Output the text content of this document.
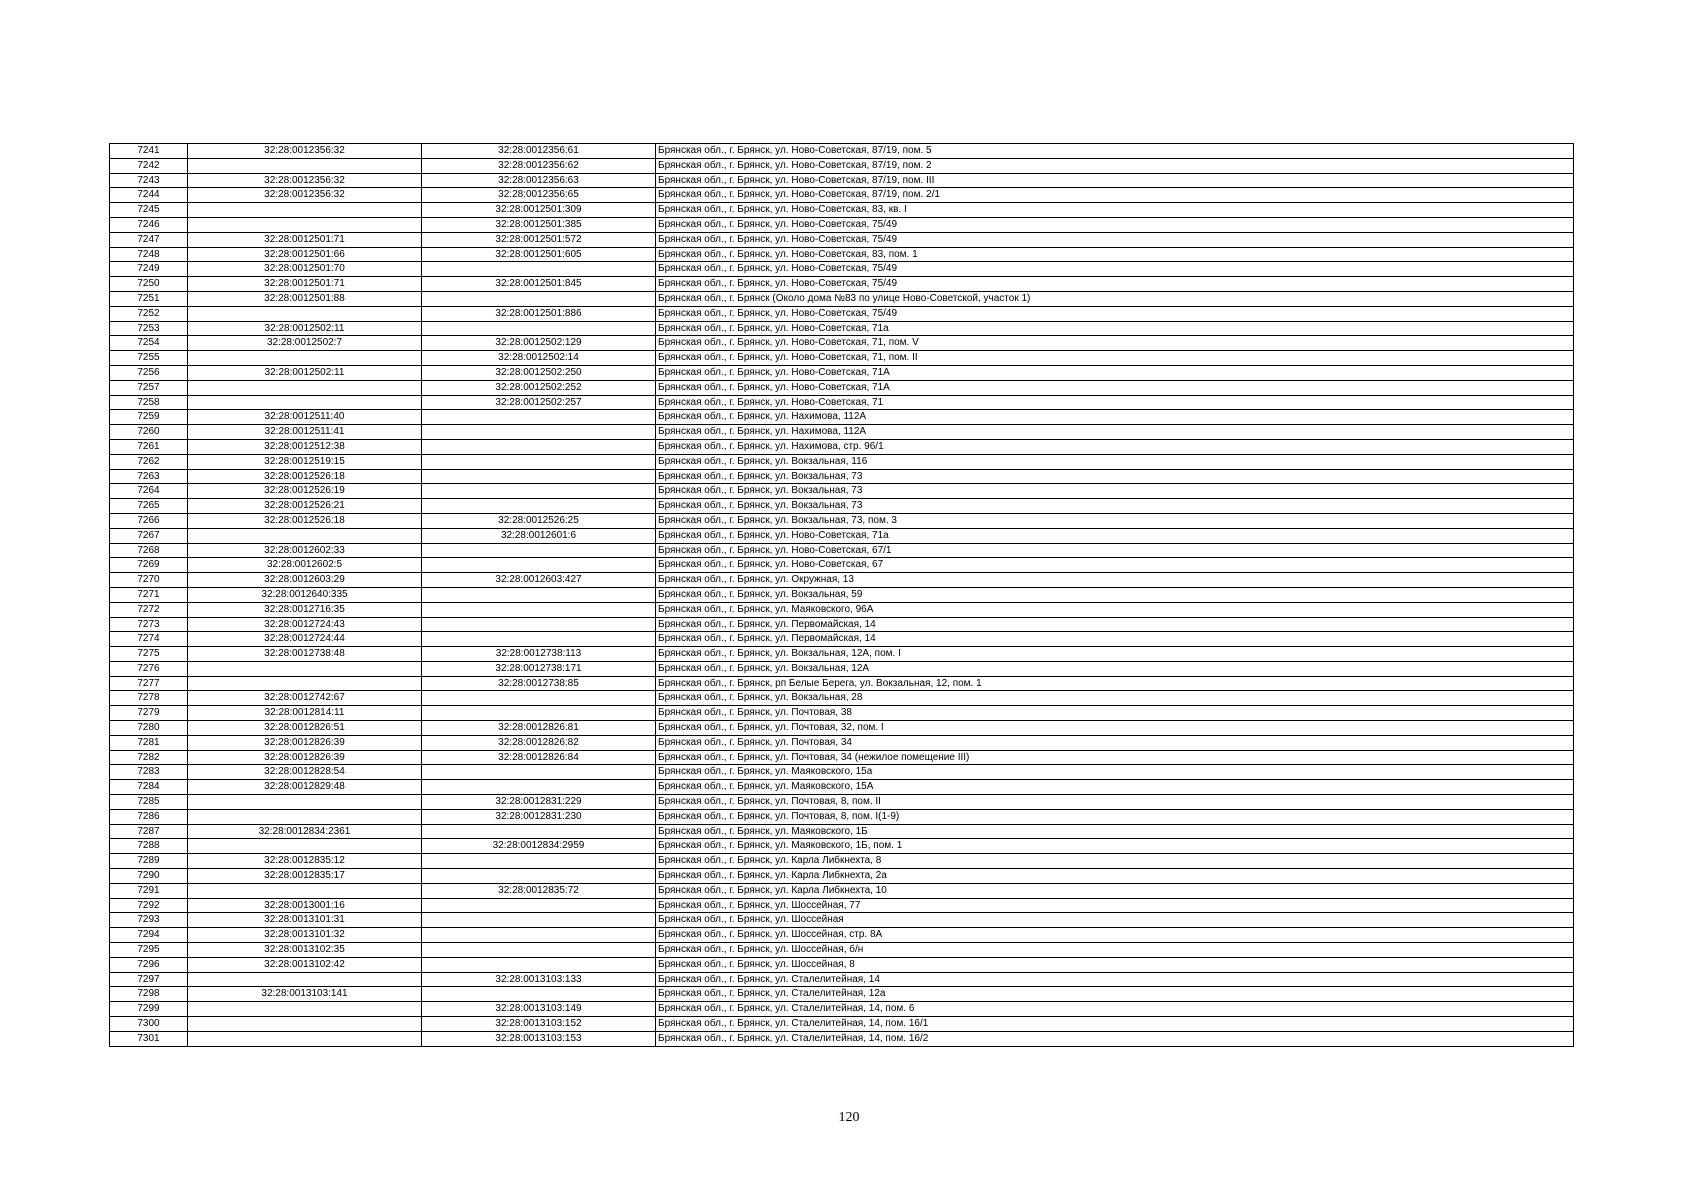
7241	32:28:0012356:32	32:28:0012356:61	Брянская обл., г. Брянск, ул. Ново-Советская, 87/19, пом. 5
7242		32:28:0012356:62	Брянская обл., г. Брянск, ул. Ново-Советская, 87/19, пом. 2
7243	32:28:0012356:32	32:28:0012356:63	Брянская обл., г. Брянск, ул. Ново-Советская, 87/19, пом. III
7244	32:28:0012356:32	32:28:0012356:65	Брянская обл., г. Брянск, ул. Ново-Советская, 87/19, пом. 2/1
7245		32:28:0012501:309	Брянская обл., г. Брянск, ул. Ново-Советская, 83, кв. I
7246		32:28:0012501:385	Брянская обл., г. Брянск, ул. Ново-Советская, 75/49
7247	32:28:0012501:71	32:28:0012501:572	Брянская обл., г. Брянск, ул. Ново-Советская, 75/49
7248	32:28:0012501:66	32:28:0012501:605	Брянская обл., г. Брянск, ул. Ново-Советская, 83, пом. 1
7249	32:28:0012501:70		Брянская обл., г. Брянск, ул. Ново-Советская, 75/49
7250	32:28:0012501:71	32:28:0012501:845	Брянская обл., г. Брянск, ул. Ново-Советская, 75/49
7251	32:28:0012501:88		Брянская обл., г. Брянск (Около дома №83 по улице Ново-Советской, участок 1)
7252		32:28:0012501:886	Брянская обл., г. Брянск, ул. Ново-Советская, 75/49
7253	32:28:0012502:11		Брянская обл., г. Брянск, ул. Ново-Советская, 71а
7254	32:28:0012502:7	32:28:0012502:129	Брянская обл., г. Брянск, ул. Ново-Советская, 71, пом. V
7255		32:28:0012502:14	Брянская обл., г. Брянск, ул. Ново-Советская, 71, пом. II
7256	32:28:0012502:11	32:28:0012502:250	Брянская обл., г. Брянск, ул. Ново-Советская, 71А
7257		32:28:0012502:252	Брянская обл., г. Брянск, ул. Ново-Советская, 71А
7258		32:28:0012502:257	Брянская обл., г. Брянск, ул. Ново-Советская, 71
7259	32:28:0012511:40		Брянская обл., г. Брянск, ул. Нахимова, 112А
7260	32:28:0012511:41		Брянская обл., г. Брянск, ул. Нахимова, 112А
7261	32:28:0012512:38		Брянская обл., г. Брянск, ул. Нахимова, стр. 96/1
7262	32:28:0012519:15		Брянская обл., г. Брянск, ул. Вокзальная, 116
7263	32:28:0012526:18		Брянская обл., г. Брянск, ул. Вокзальная, 73
7264	32:28:0012526:19		Брянская обл., г. Брянск, ул. Вокзальная, 73
7265	32:28:0012526:21		Брянская обл., г. Брянск, ул. Вокзальная, 73
7266	32:28:0012526:18	32:28:0012526:25	Брянская обл., г. Брянск, ул. Вокзальная, 73, пом. 3
7267		32:28:0012601:6	Брянская обл., г. Брянск, ул. Ново-Советская, 71а
7268	32:28:0012602:33		Брянская обл., г. Брянск, ул. Ново-Советская, 67/1
7269	32:28:0012602:5		Брянская обл., г. Брянск, ул. Ново-Советская, 67
7270	32:28:0012603:29	32:28:0012603:427	Брянская обл., г. Брянск, ул. Окружная, 13
7271	32:28:0012640:335		Брянская обл., г. Брянск, ул. Вокзальная, 59
7272	32:28:0012716:35		Брянская обл., г. Брянск, ул. Маяковского, 96А
7273	32:28:0012724:43		Брянская обл., г. Брянск, ул. Первомайская, 14
7274	32:28:0012724:44		Брянская обл., г. Брянск, ул. Первомайская, 14
7275	32:28:0012738:48	32:28:0012738:113	Брянская обл., г. Брянск, ул. Вокзальная, 12А, пом. I
7276		32:28:0012738:171	Брянская обл., г. Брянск, ул. Вокзальная, 12А
7277		32:28:0012738:85	Брянская обл., г. Брянск, рп Белые Берега, ул. Вокзальная, 12, пом. 1
7278	32:28:0012742:67		Брянская обл., г. Брянск, ул. Вокзальная, 28
7279	32:28:0012814:11		Брянская обл., г. Брянск, ул. Почтовая, 38
7280	32:28:0012826:51	32:28:0012826:81	Брянская обл., г. Брянск, ул. Почтовая, 32, пом. I
7281	32:28:0012826:39	32:28:0012826:82	Брянская обл., г. Брянск, ул. Почтовая, 34
7282	32:28:0012826:39	32:28:0012826:84	Брянская обл., г. Брянск, ул. Почтовая, 34 (нежилое помещение III)
7283	32:28:0012828:54		Брянская обл., г. Брянск, ул. Маяковского, 15а
7284	32:28:0012829:48		Брянская обл., г. Брянск, ул. Маяковского, 15А
7285		32:28:0012831:229	Брянская обл., г. Брянск, ул. Почтовая, 8, пом. II
7286		32:28:0012831:230	Брянская обл., г. Брянск, ул. Почтовая, 8, пом. I(1-9)
7287	32:28:0012834:2361		Брянская обл., г. Брянск, ул. Маяковского, 1Б
7288		32:28:0012834:2959	Брянская обл., г. Брянск, ул. Маяковского, 1Б, пом. 1
7289	32:28:0012835:12		Брянская обл., г. Брянск, ул. Карла Либкнехта, 8
7290	32:28:0012835:17		Брянская обл., г. Брянск, ул. Карла Либкнехта, 2а
7291		32:28:0012835:72	Брянская обл., г. Брянск, ул. Карла Либкнехта, 10
7292	32:28:0013001:16		Брянская обл., г. Брянск, ул. Шоссейная, 77
7293	32:28:0013101:31		Брянская обл., г. Брянск, ул. Шоссейная
7294	32:28:0013101:32		Брянская обл., г. Брянск, ул. Шоссейная, стр. 8А
7295	32:28:0013102:35		Брянская обл., г. Брянск, ул. Шоссейная, б/н
7296	32:28:0013102:42		Брянская обл., г. Брянск, ул. Шоссейная, 8
7297		32:28:0013103:133	Брянская обл., г. Брянск, ул. Сталелитейная, 14
7298	32:28:0013103:141		Брянская обл., г. Брянск, ул. Сталелитейная, 12а
7299		32:28:0013103:149	Брянская обл., г. Брянск, ул. Сталелитейная, 14, пом. 6
7300		32:28:0013103:152	Брянская обл., г. Брянск, ул. Сталелитейная, 14, пом. 16/1
7301		32:28:0013103:153	Брянская обл., г. Брянск, ул. Сталелитейная, 14, пом. 16/2
120
